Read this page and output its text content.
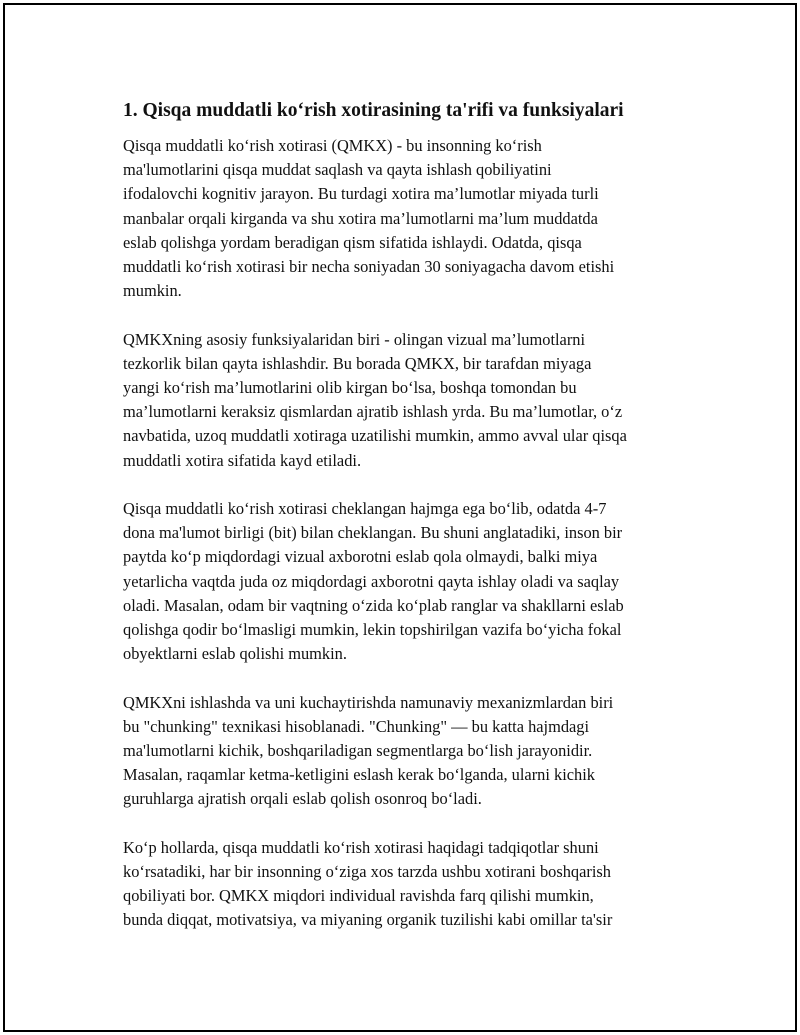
1. Qisqa muddatli ko‘rish xotirasining ta'rifi va funksiyalari
Qisqa muddatli ko‘rish xotirasi (QMKX) - bu insonning ko‘rish
ma'lumotlarini qisqa muddat saqlash va qayta ishlash qobiliyatini
ifodalovchi kognitiv jarayon. Bu turdagi xotira ma’lumotlar miyada turli
manbalar orqali kirganda va shu xotira ma’lumotlarni ma’lum muddatda
eslab qolishga yordam beradigan qism sifatida ishlaydi. Odatda, qisqa
muddatli ko‘rish xotirasi bir necha soniyadan 30 soniyagacha davom etishi
mumkin.
QMKXning asosiy funksiyalaridan biri - olingan vizual ma’lumotlarni
tezkorlik bilan qayta ishlashdir. Bu borada QMKX, bir tarafdan miyaga
yangi ko‘rish ma’lumotlarini olib kirgan bo‘lsa, boshqa tomondan bu
ma’lumotlarni keraksiz qismlardan ajratib ishlash yrda. Bu ma’lumotlar, o‘z
navbatida, uzoq muddatli xotiraga uzatilishi mumkin, ammo avval ular qisqa
muddatli xotira sifatida kayd etiladi.
Qisqa muddatli ko‘rish xotirasi cheklangan hajmga ega bo‘lib, odatda 4-7
dona ma'lumot birligi (bit) bilan cheklangan. Bu shuni anglatadiki, inson bir
paytda ko‘p miqdordagi vizual axborotni eslab qola olmaydi, balki miya
yetarlicha vaqtda juda oz miqdordagi axborotni qayta ishlay oladi va saqlay
oladi. Masalan, odam bir vaqtning o‘zida ko‘plab ranglar va shakllarni eslab
qolishga qodir bo‘lmasligi mumkin, lekin topshirilgan vazifa bo‘yicha fokal
obyektlarni eslab qolishi mumkin.
QMKXni ishlashda va uni kuchaytirishda namunaviy mexanizmlardan biri
bu "chunking" texnikasi hisoblanadi. "Chunking" — bu katta hajmdagi
ma'lumotlarni kichik, boshqariladigan segmentlarga bo‘lish jarayonidir.
Masalan, raqamlar ketma-ketligini eslash kerak bo‘lganda, ularni kichik
guruhlarga ajratish orqali eslab qolish osonroq bo‘ladi.
Ko‘p hollarda, qisqa muddatli ko‘rish xotirasi haqidagi tadqiqotlar shuni
ko‘rsatadiki, har bir insonning o‘ziga xos tarzda ushbu xotirani boshqarish
qobiliyati bor. QMKX miqdori individual ravishda farq qilishi mumkin,
bunda diqqat, motivatsiya, va miyaning organik tuzilishi kabi omillar ta'sir
